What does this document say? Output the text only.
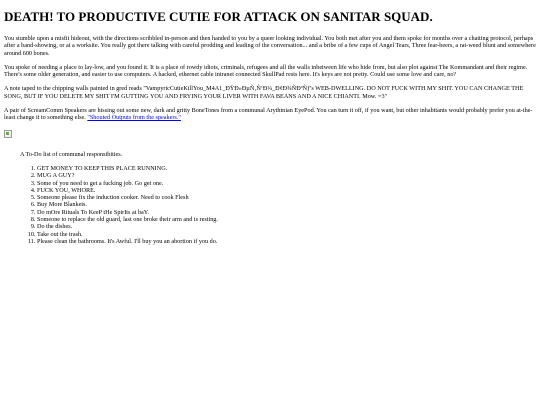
DEATH! TO PRODUCTIVE CUTIE FOR ATTACK ON SANITAR SQUAD.

You stumble upon a misfit hideout, with the directions scribbled in-person and then handed to you by a queer looking individual. You both met after you and them spoke for months over a chatting protocol, perhaps after a band-showing, or at a worksite. You really got there talking with careful prodding and leading of the conversation... and a bribe of a few cups of Angel Tears, Three fear-beers, a rat-weed blunt and somewhere around 600 bones.

You spoke of needing a place to lay-low, and you found it. It is a place of rowdy idiots, criminals, refugees and all the walls inbetween life who hide from, but also plot against The Kommandant and their regime. There's some older generation, and easier to use computers. A hacked, ethernet cable intranet connected SkullPad rests here. It's keys are not pretty. Could use some love and care, no?

A note taped to the chipping walls painted in gred reads "VampyricCutieKillYou_M4A1_ÐŸÐ»ÐµÑ‚Ñ‘Ð¼_Ð¢Ð¾ÑÐºÑƒ's WEB-DWELLING. DO NOT FUCK WITH MY SHIT. YOU CAN CHANGE THE SONG, BUT IF YOU DELETE MY SHIT I'M GUTTING YOU AND FRYING YOUR LIVER WITH FAVA BEANS AND A NICE CHIANTI. Mow. =3"

A pair of ScreamComm Speakers are hissing out some new, dark and gritty BoneTones from a communal Arythmian EyePod. You can turn it off, if you want, but other inhabitants would probably prefer you at-the-least change it to something else. "Shouted Outputs from the speakers."

A To-Do list of communal responsibities.
1. GET MONEY TO KEEP THIS PLACE RUNNING.
2. MUG A GUY?
3. Some of you need to get a fucking job. Go get one.
4. FUCK YOU, WHORE.
5. Someone please fix the induction cooker. Need to cook Flesh
6. Buy More Blankets.
7. Do mOre Rituals To KeeP tHe SpirIts at baY.
8. Someone to replace the old guard, last one broke their arm and is resting.
9. Do the dishes.
10. Take out the trash.
11. Please clean the bathrooms. It's Awful. I'll buy you an abortion if you do.
